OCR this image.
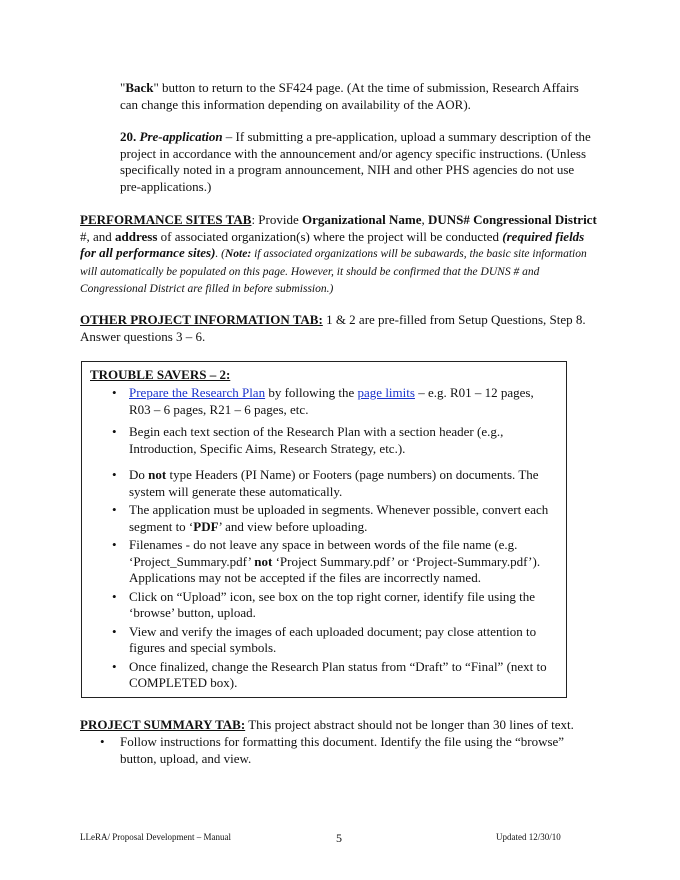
"Back" button to return to the SF424 page. (At the time of submission, Research Affairs can change this information depending on availability of the AOR).

20. Pre-application – If submitting a pre-application, upload a summary description of the project in accordance with the announcement and/or agency specific instructions. (Unless specifically noted in a program announcement, NIH and other PHS agencies do not use pre-applications.)

PERFORMANCE SITES TAB: Provide Organizational Name, DUNS# Congressional District #, and address of associated organization(s) where the project will be conducted (required fields for all performance sites). (Note: if associated organizations will be subawards, the basic site information will automatically be populated on this page. However, it should be confirmed that the DUNS # and Congressional District are filled in before submission.)

OTHER PROJECT INFORMATION TAB: 1 & 2 are pre-filled from Setup Questions, Step 8. Answer questions 3 – 6.

TROUBLE SAVERS – 2:
• Prepare the Research Plan by following the page limits – e.g. R01 – 12 pages, R03 – 6 pages, R21 – 6 pages, etc.
• Begin each text section of the Research Plan with a section header (e.g., Introduction, Specific Aims, Research Strategy, etc.).
• Do not type Headers (PI Name) or Footers (page numbers) on documents. The system will generate these automatically.
• The application must be uploaded in segments. Whenever possible, convert each segment to ‘PDF’ and view before uploading.
• Filenames - do not leave any space in between words of the file name (e.g. ‘Project_Summary.pdf’ not ‘Project Summary.pdf’ or ‘Project-Summary.pdf’). Applications may not be accepted if the files are incorrectly named.
• Click on “Upload” icon, see box on the top right corner, identify file using the ‘browse’ button, upload.
• View and verify the images of each uploaded document; pay close attention to figures and special symbols.
• Once finalized, change the Research Plan status from “Draft” to “Final” (next to COMPLETED box).

PROJECT SUMMARY TAB: This project abstract should not be longer than 30 lines of text.

• Follow instructions for formatting this document. Identify the file using the “browse” button, upload, and view.

LLeRA/ Proposal Development – Manual	5	Updated 12/30/10
